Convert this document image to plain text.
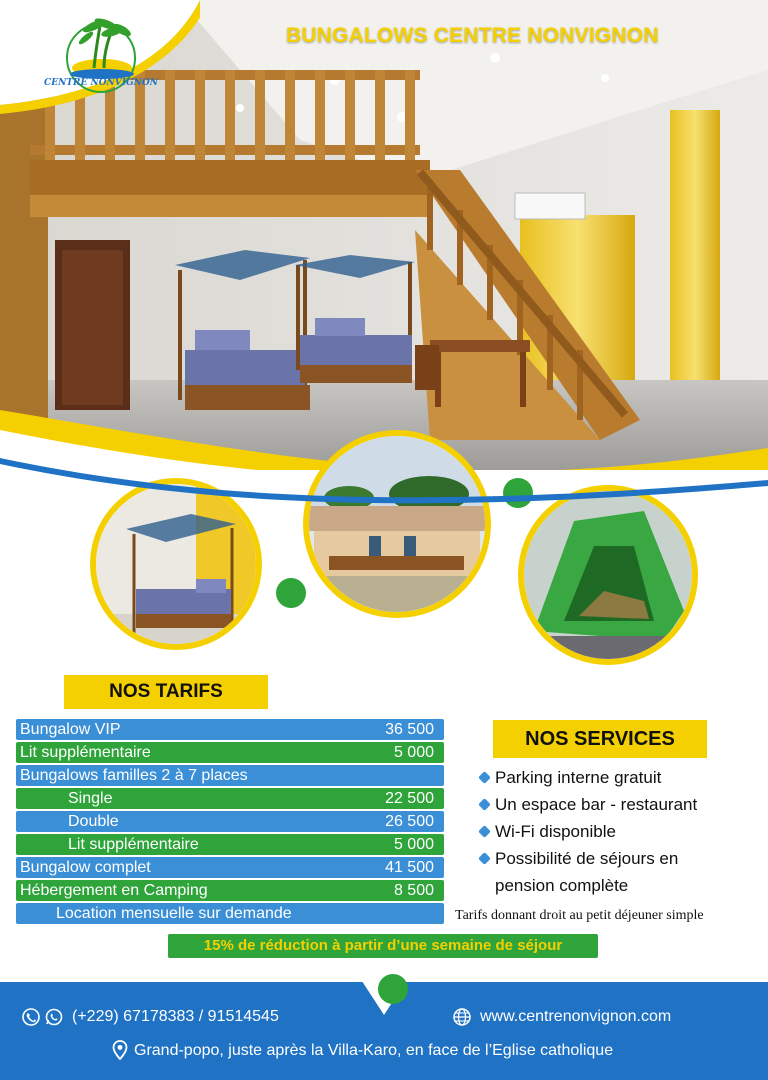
CENTRE NONVIGNON
BUNGALOWS CENTRE NONVIGNON
NOS TARIFS
Bungalow VIP	36 500
Lit supplémentaire	5 000
Bungalows familles 2 à 7 places
Single	22 500
Double	26 500
Lit supplémentaire	5 000
Bungalow complet	41 500
Hébergement en Camping	8 500
Location mensuelle sur demande
NOS SERVICES
Parking interne gratuit
Un espace bar - restaurant
Wi-Fi disponible
Possibilité de séjours en
pension complète
Tarifs donnant droit au petit déjeuner simple
15% de réduction à partir d’une semaine de séjour
(+229) 67178383 / 91514545	www.centrenonvignon.com
Grand-popo, juste après la Villa-Karo, en face de l’Eglise catholique
